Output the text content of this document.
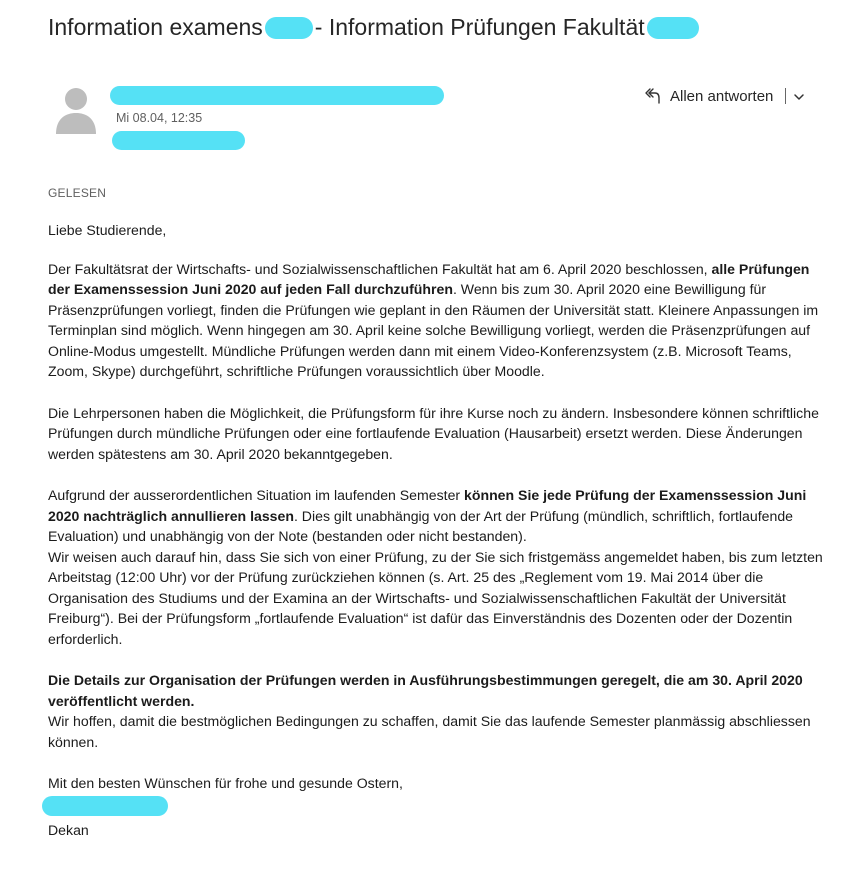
Information examens - Information Prüfungen Fakultät
Mi 08.04, 12:35
Allen antworten
GELESEN

Liebe Studierende,

Der Fakultätsrat der Wirtschafts- und Sozialwissenschaftlichen Fakultät hat am 6. April 2020 beschlossen, alle Prüfungen der Examenssession Juni 2020 auf jeden Fall durchzuführen. Wenn bis zum 30. April 2020 eine Bewilligung für Präsenzprüfungen vorliegt, finden die Prüfungen wie geplant in den Räumen der Universität statt. Kleinere Anpassungen im Terminplan sind möglich. Wenn hingegen am 30. April keine solche Bewilligung vorliegt, werden die Präsenzprüfungen auf Online-Modus umgestellt. Mündliche Prüfungen werden dann mit einem Video-Konferenzsystem (z.B. Microsoft Teams, Zoom, Skype) durchgeführt, schriftliche Prüfungen voraussichtlich über Moodle.

Die Lehrpersonen haben die Möglichkeit, die Prüfungsform für ihre Kurse noch zu ändern. Insbesondere können schriftliche Prüfungen durch mündliche Prüfungen oder eine fortlaufende Evaluation (Hausarbeit) ersetzt werden. Diese Änderungen werden spätestens am 30. April 2020 bekanntgegeben.

Aufgrund der ausserordentlichen Situation im laufenden Semester können Sie jede Prüfung der Examenssession Juni 2020 nachträglich annullieren lassen. Dies gilt unabhängig von der Art der Prüfung (mündlich, schriftlich, fortlaufende Evaluation) und unabhängig von der Note (bestanden oder nicht bestanden).
Wir weisen auch darauf hin, dass Sie sich von einer Prüfung, zu der Sie sich fristgemäss angemeldet haben, bis zum letzten Arbeitstag (12:00 Uhr) vor der Prüfung zurückziehen können (s. Art. 25 des „Reglement vom 19. Mai 2014 über die Organisation des Studiums und der Examina an der Wirtschafts- und Sozialwissenschaftlichen Fakultät der Universität Freiburg“). Bei der Prüfungsform „fortlaufende Evaluation“ ist dafür das Einverständnis des Dozenten oder der Dozentin erforderlich.

Die Details zur Organisation der Prüfungen werden in Ausführungsbestimmungen geregelt, die am 30. April 2020 veröffentlicht werden.
Wir hoffen, damit die bestmöglichen Bedingungen zu schaffen, damit Sie das laufende Semester planmässig abschliessen können.

Mit den besten Wünschen für frohe und gesunde Ostern,
Dekan
